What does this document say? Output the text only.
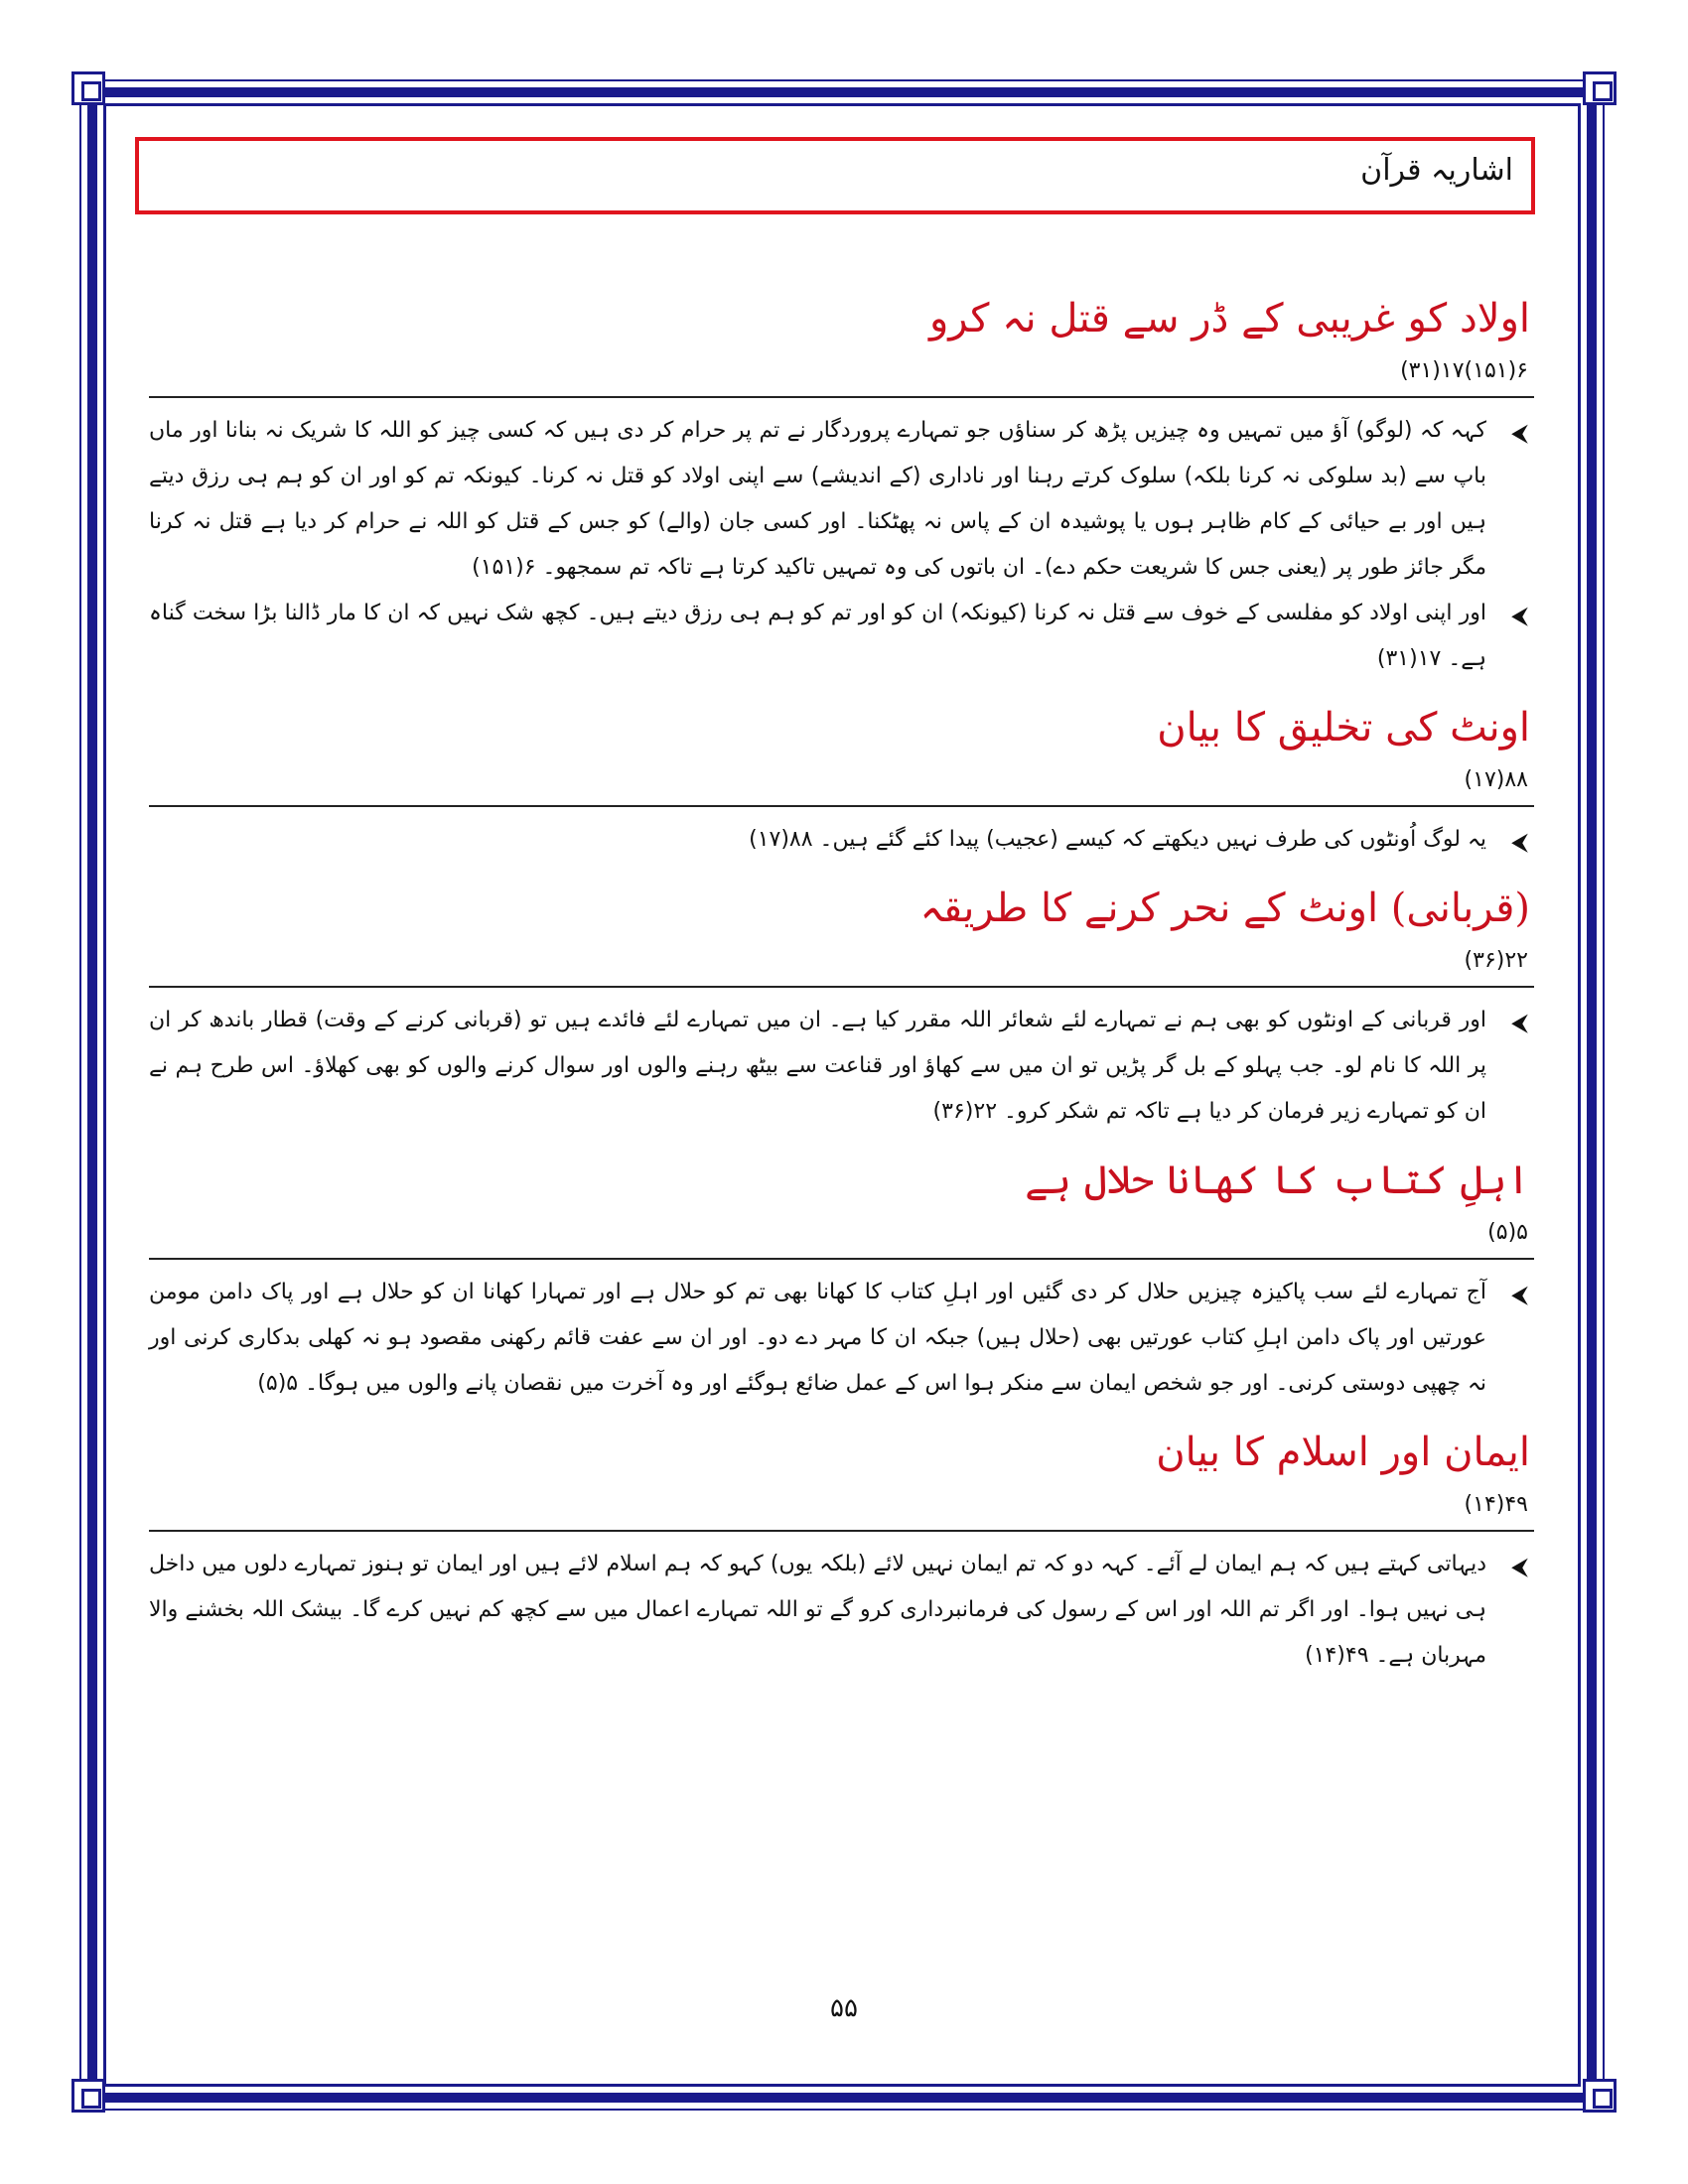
اشاریہ قرآن
اولاد کو غریبی کے ڈر سے قتل نہ کرو
۶(۱۵۱)۱۷(۳۱)
⮜
کہہ کہ (لوگو) آؤ میں تمہیں وہ چیزیں پڑھ کر سناؤں جو تمہارے پروردگار نے تم پر حرام کر دی ہیں کہ کسی چیز کو اللہ کا شریک نہ بنانا اور ماں باپ سے (بد سلوکی نہ کرنا بلکہ) سلوک کرتے رہنا اور ناداری (کے اندیشے) سے اپنی اولاد کو قتل نہ کرنا۔ کیونکہ تم کو اور ان کو ہم ہی رزق دیتے ہیں اور بے حیائی کے کام ظاہر ہوں یا پوشیدہ ان کے پاس نہ پھٹکنا۔ اور کسی جان (والے) کو جس کے قتل کو اللہ نے حرام کر دیا ہے قتل نہ کرنا مگر جائز طور پر (یعنی جس کا شریعت حکم دے)۔ ان باتوں کی وہ تمہیں تاکید کرتا ہے تاکہ تم سمجھو۔ ۶(۱۵۱)
⮜
اور اپنی اولاد کو مفلسی کے خوف سے قتل نہ کرنا (کیونکہ) ان کو اور تم کو ہم ہی رزق دیتے ہیں۔ کچھ شک نہیں کہ ان کا مار ڈالنا بڑا سخت گناہ ہے۔ ۱۷(۳۱)
اونٹ کی تخلیق کا بیان
۸۸(۱۷)
⮜
یہ لوگ اُونٹوں کی طرف نہیں دیکھتے کہ کیسے (عجیب) پیدا کئے گئے ہیں۔ ۸۸(۱۷)
(قربانی) اونٹ کے نحر کرنے کا طریقہ
۲۲(۳۶)
⮜
اور قربانی کے اونٹوں کو بھی ہم نے تمہارے لئے شعائر اللہ مقرر کیا ہے۔ ان میں تمہارے لئے فائدے ہیں تو (قربانی کرنے کے وقت) قطار باندھ کر ان پر اللہ کا نام لو۔ جب پہلو کے بل گر پڑیں تو ان میں سے کھاؤ اور قناعت سے بیٹھ رہنے والوں اور سوال کرنے والوں کو بھی کھلاؤ۔ اس طرح ہم نے ان کو تمہارے زیر فرمان کر دیا ہے تاکہ تم شکر کرو۔ ۲۲(۳۶)
اہلِ کتاب کا کھانا حلال ہے
۵(۵)
⮜
آج تمہارے لئے سب پاکیزہ چیزیں حلال کر دی گئیں اور اہلِ کتاب کا کھانا بھی تم کو حلال ہے اور تمہارا کھانا ان کو حلال ہے اور پاک دامن مومن عورتیں اور پاک دامن اہلِ کتاب عورتیں بھی (حلال ہیں) جبکہ ان کا مہر دے دو۔ اور ان سے عفت قائم رکھنی مقصود ہو نہ کھلی بدکاری کرنی اور نہ چھپی دوستی کرنی۔ اور جو شخص ایمان سے منکر ہوا اس کے عمل ضائع ہوگئے اور وہ آخرت میں نقصان پانے والوں میں ہوگا۔ ۵(۵)
ایمان اور اسلام کا بیان
۴۹(۱۴)
⮜
دیہاتی کہتے ہیں کہ ہم ایمان لے آئے۔ کہہ دو کہ تم ایمان نہیں لائے (بلکہ یوں) کہو کہ ہم اسلام لائے ہیں اور ایمان تو ہنوز تمہارے دلوں میں داخل ہی نہیں ہوا۔ اور اگر تم اللہ اور اس کے رسول کی فرمانبرداری کرو گے تو اللہ تمہارے اعمال میں سے کچھ کم نہیں کرے گا۔ بیشک اللہ بخشنے والا مہربان ہے۔ ۴۹(۱۴)
۵۵
